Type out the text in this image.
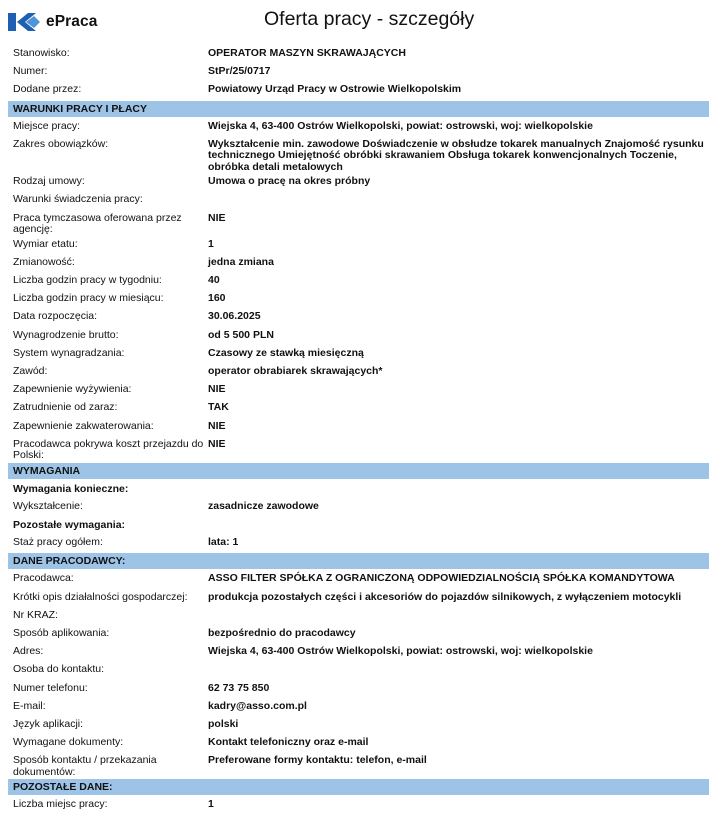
ePraca	Oferta pracy - szczegóły
Stanowisko:	OPERATOR MASZYN SKRAWAJĄCYCH
Numer:	StPr/25/0717
Dodane przez:	Powiatowy Urząd Pracy w Ostrowie Wielkopolskim
WARUNKI PRACY I PŁACY
Miejsce pracy:	Wiejska 4, 63-400 Ostrów Wielkopolski, powiat: ostrowski, woj: wielkopolskie
Zakres obowiązków:	Wykształcenie min. zawodowe Doświadczenie w obsłudze tokarek manualnych Znajomość rysunku technicznego Umiejętność obróbki skrawaniem Obsługa tokarek konwencjonalnych Toczenie, obróbka detali metalowych
Rodzaj umowy:	Umowa o pracę na okres próbny
Warunki świadczenia pracy:
Praca tymczasowa oferowana przez agencję:
NIE
Wymiar etatu:	1
Zmianowość:	jedna zmiana
Liczba godzin pracy w tygodniu:	40
Liczba godzin pracy w miesiącu:	160
Data rozpoczęcia:	30.06.2025
Wynagrodzenie brutto:	od 5 500 PLN
System wynagradzania:	Czasowy ze stawką miesięczną
Zawód:	operator obrabiarek skrawających*
Zapewnienie wyżywienia:	NIE
Zatrudnienie od zaraz:	TAK
Zapewnienie zakwaterowania:	NIE
Pracodawca pokrywa koszt przejazdu do Polski:
NIE
WYMAGANIA
Wymagania konieczne:
Wykształcenie:	zasadnicze zawodowe
Pozostałe wymagania:
Staż pracy ogółem:	lata: 1
DANE PRACODAWCY:
Pracodawca:	ASSO FILTER SPÓŁKA Z OGRANICZONĄ ODPOWIEDZIALNOŚCIĄ SPÓŁKA KOMANDYTOWA
Krótki opis działalności gospodarczej:	produkcja pozostałych części i akcesoriów do pojazdów silnikowych, z wyłączeniem motocykli
Nr KRAZ:
Sposób aplikowania:	bezpośrednio do pracodawcy
Adres:	Wiejska 4, 63-400 Ostrów Wielkopolski, powiat: ostrowski, woj: wielkopolskie
Osoba do kontaktu:
Numer telefonu:	62 73 75 850
E-mail:	kadry@asso.com.pl
Język aplikacji:	polski
Wymagane dokumenty:	Kontakt telefoniczny oraz e-mail
Sposób kontaktu / przekazania dokumentów:
Preferowane formy kontaktu: telefon, e-mail
POZOSTAŁE DANE:
Liczba miejsc pracy:	1
